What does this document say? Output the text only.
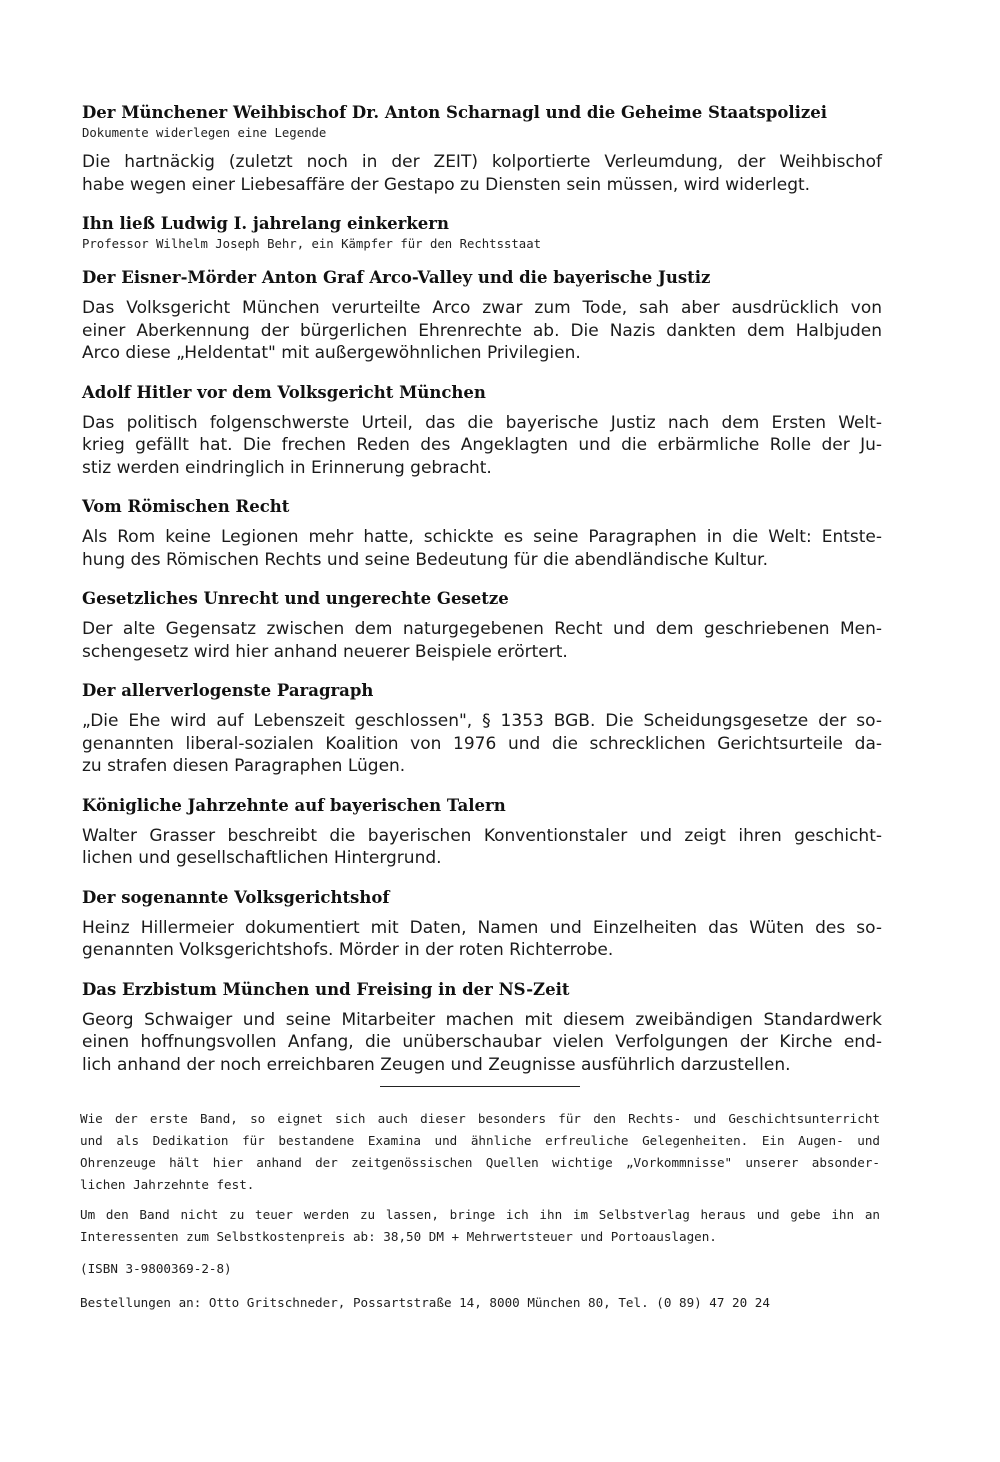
Der Münchener Weihbischof Dr. Anton Scharnagl und die Geheime Staatspolizei

Dokumente widerlegen eine Legende

Die hartnäckig (zuletzt noch in der ZEIT) kolportierte Verleumdung, der Weihbischof
habe wegen einer Liebesaffäre der Gestapo zu Diensten sein müssen, wird widerlegt.

Ihn ließ Ludwig I. jahrelang einkerkern

Professor Wilhelm Joseph Behr, ein Kämpfer für den Rechtsstaat

Der Eisner-Mörder Anton Graf Arco-Valley und die bayerische Justiz

Das Volksgericht München verurteilte Arco zwar zum Tode, sah aber ausdrücklich von
einer Aberkennung der bürgerlichen Ehrenrechte ab. Die Nazis dankten dem Halbjuden
Arco diese „Heldentat" mit außergewöhnlichen Privilegien.

Adolf Hitler vor dem Volksgericht München

Das politisch folgenschwerste Urteil, das die bayerische Justiz nach dem Ersten Welt-
krieg gefällt hat. Die frechen Reden des Angeklagten und die erbärmliche Rolle der Ju-
stiz werden eindringlich in Erinnerung gebracht.

Vom Römischen Recht

Als Rom keine Legionen mehr hatte, schickte es seine Paragraphen in die Welt: Entste-
hung des Römischen Rechts und seine Bedeutung für die abendländische Kultur.

Gesetzliches Unrecht und ungerechte Gesetze

Der alte Gegensatz zwischen dem naturgegebenen Recht und dem geschriebenen Men-
schengesetz wird hier anhand neuerer Beispiele erörtert.

Der allerverlogenste Paragraph

„Die Ehe wird auf Lebenszeit geschlossen", § 1353 BGB. Die Scheidungsgesetze der so-
genannten liberal-sozialen Koalition von 1976 und die schrecklichen Gerichtsurteile da-
zu strafen diesen Paragraphen Lügen.

Königliche Jahrzehnte auf bayerischen Talern

Walter Grasser beschreibt die bayerischen Konventionstaler und zeigt ihren geschicht-
lichen und gesellschaftlichen Hintergrund.

Der sogenannte Volksgerichtshof

Heinz Hillermeier dokumentiert mit Daten, Namen und Einzelheiten das Wüten des so-
genannten Volksgerichtshofs. Mörder in der roten Richterrobe.

Das Erzbistum München und Freising in der NS-Zeit

Georg Schwaiger und seine Mitarbeiter machen mit diesem zweibändigen Standardwerk
einen hoffnungsvollen Anfang, die unüberschaubar vielen Verfolgungen der Kirche end-
lich anhand der noch erreichbaren Zeugen und Zeugnisse ausführlich darzustellen.

Wie der erste Band, so eignet sich auch dieser besonders für den Rechts- und Geschichtsunterricht
und als Dedikation für bestandene Examina und ähnliche erfreuliche Gelegenheiten. Ein Augen- und
Ohrenzeuge hält hier anhand der zeitgenössischen Quellen wichtige „Vorkommnisse" unserer absonder-
lichen Jahrzehnte fest.

Um den Band nicht zu teuer werden zu lassen, bringe ich ihn im Selbstverlag heraus und gebe ihn an
Interessenten zum Selbstkostenpreis ab: 38,50 DM + Mehrwertsteuer und Portoauslagen.

(ISBN 3-9800369-2-8)

Bestellungen an: Otto Gritschneder, Possartstraße 14, 8000 München 80, Tel. (0 89) 47 20 24
